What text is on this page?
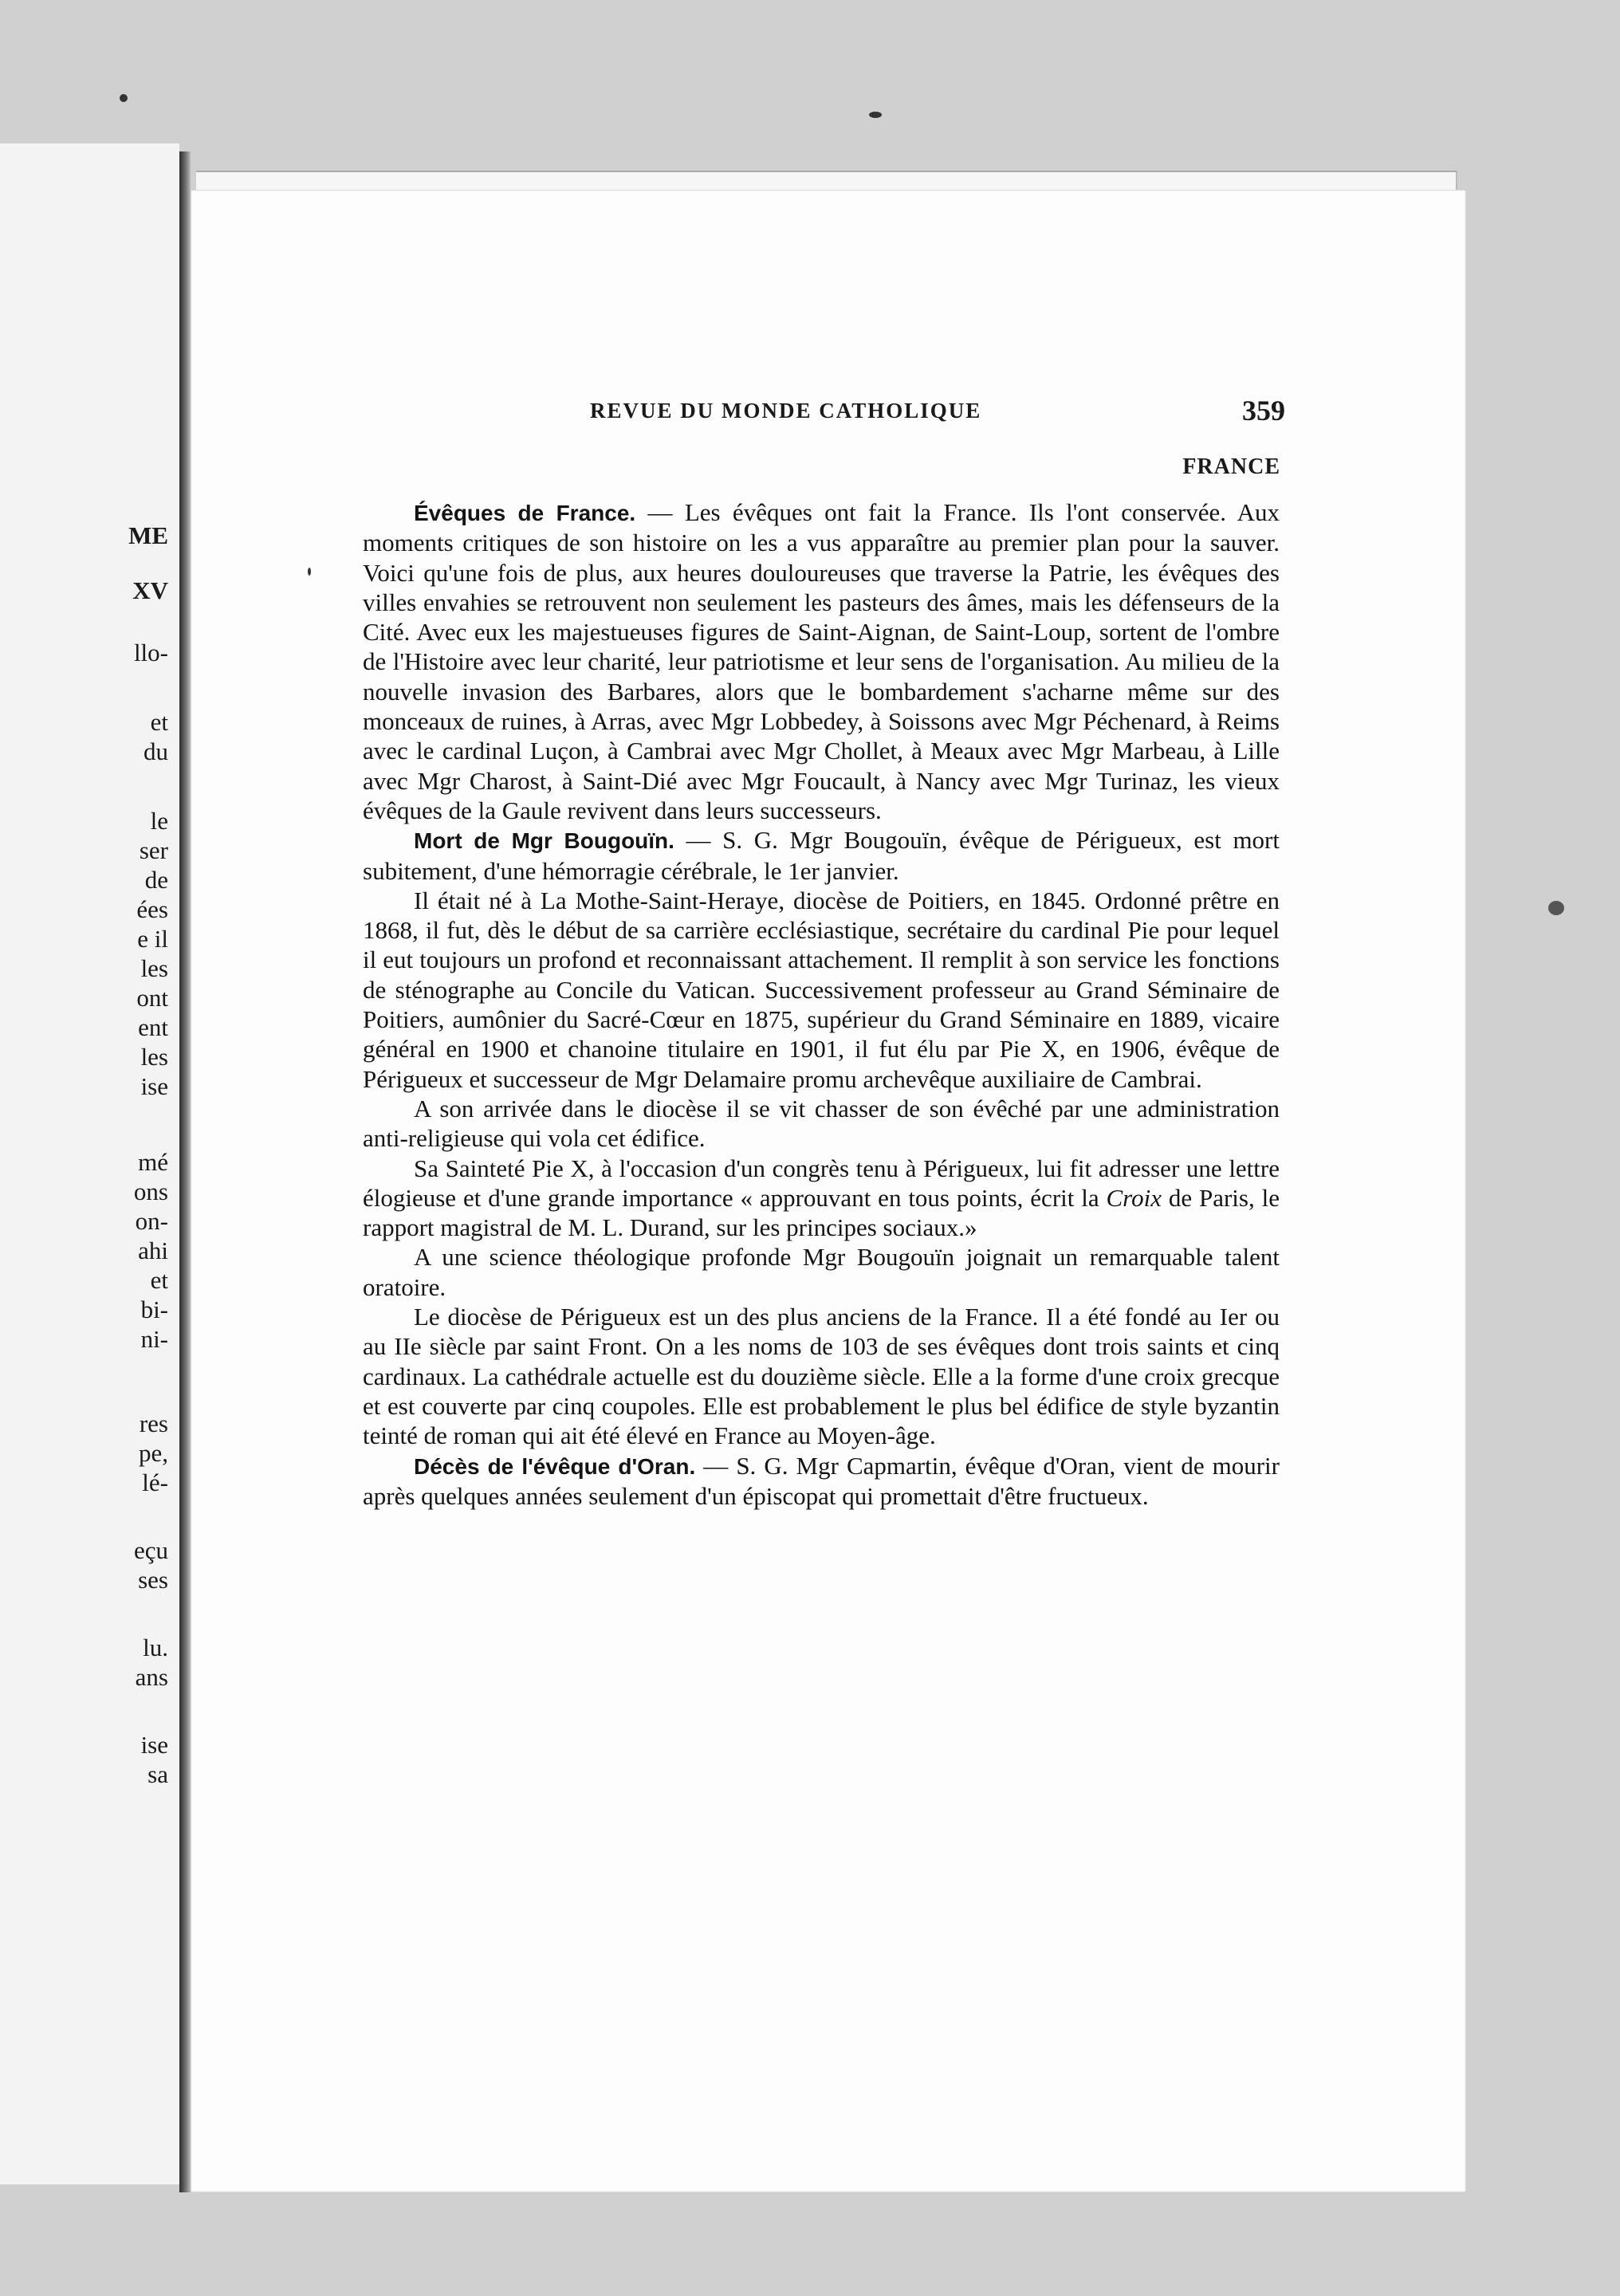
ME
XV
llo-
et
du
le
ser
de
ées
e il
les
ont
ent
les
ise
mé
ons
on-
ahi
et
bi-
ni-
res
pe,
lé-
eçu
ses
lu.
ans
ise
sa
REVUE DU MONDE CATHOLIQUE	359
FRANCE

Évêques de France. — Les évêques ont fait la France. Ils l'ont conservée. Aux moments critiques de son histoire on les a vus apparaître au premier plan pour la sauver. Voici qu'une fois de plus, aux heures douloureuses que traverse la Patrie, les évêques des villes envahies se retrouvent non seulement les pasteurs des âmes, mais les défenseurs de la Cité. Avec eux les majestueuses figures de Saint-Aignan, de Saint-Loup, sortent de l'ombre de l'Histoire avec leur charité, leur patriotisme et leur sens de l'organisation. Au milieu de la nouvelle invasion des Barbares, alors que le bombardement s'acharne même sur des monceaux de ruines, à Arras, avec Mgr Lobbedey, à Soissons avec Mgr Péchenard, à Reims avec le cardinal Luçon, à Cambrai avec Mgr Chollet, à Meaux avec Mgr Marbeau, à Lille avec Mgr Charost, à Saint-Dié avec Mgr Foucault, à Nancy avec Mgr Turinaz, les vieux évêques de la Gaule revivent dans leurs successeurs.

Mort de Mgr Bougouïn. — S. G. Mgr Bougouïn, évêque de Périgueux, est mort subitement, d'une hémorragie cérébrale, le 1er janvier.

Il était né à La Mothe-Saint-Heraye, diocèse de Poitiers, en 1845. Ordonné prêtre en 1868, il fut, dès le début de sa carrière ecclésiastique, secrétaire du cardinal Pie pour lequel il eut toujours un profond et reconnaissant attachement. Il remplit à son service les fonctions de sténographe au Concile du Vatican. Successivement professeur au Grand Séminaire de Poitiers, aumônier du Sacré-Cœur en 1875, supérieur du Grand Séminaire en 1889, vicaire général en 1900 et chanoine titulaire en 1901, il fut élu par Pie X, en 1906, évêque de Périgueux et successeur de Mgr Delamaire promu archevêque auxiliaire de Cambrai.

A son arrivée dans le diocèse il se vit chasser de son évêché par une administration anti-religieuse qui vola cet édifice.

Sa Sainteté Pie X, à l'occasion d'un congrès tenu à Périgueux, lui fit adresser une lettre élogieuse et d'une grande importance « approuvant en tous points, écrit la Croix de Paris, le rapport magistral de M. L. Durand, sur les principes sociaux.»

A une science théologique profonde Mgr Bougouïn joignait un remarquable talent oratoire.

Le diocèse de Périgueux est un des plus anciens de la France. Il a été fondé au Ier ou au IIe siècle par saint Front. On a les noms de 103 de ses évêques dont trois saints et cinq cardinaux. La cathédrale actuelle est du douzième siècle. Elle a la forme d'une croix grecque et est couverte par cinq coupoles. Elle est probablement le plus bel édifice de style byzantin teinté de roman qui ait été élevé en France au Moyen-âge.

Décès de l'évêque d'Oran. — S. G. Mgr Capmartin, évêque d'Oran, vient de mourir après quelques années seulement d'un épiscopat qui promettait d'être fructueux.
